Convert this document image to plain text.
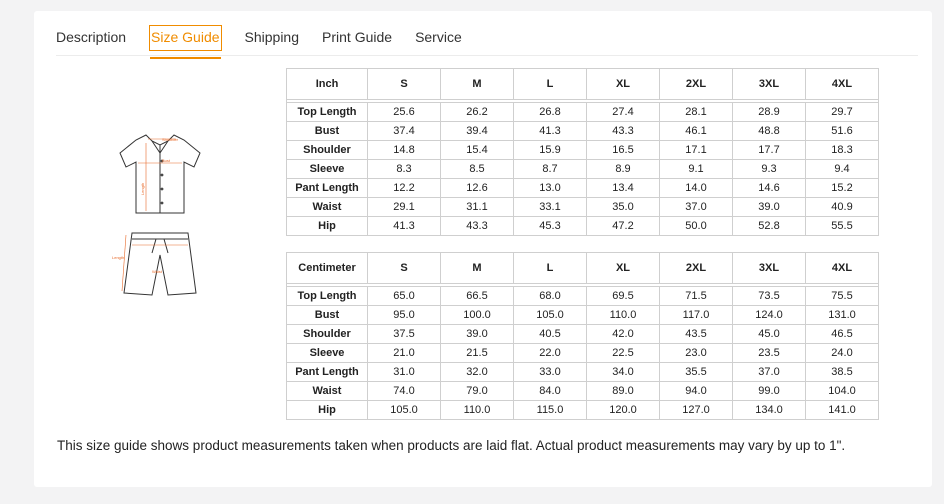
Description Size Guide Shipping Print Guide Service
Shoulder
Bust
Length
Waist
Length
Inch	S	M	L	XL	2XL	3XL	4XL

Top Length	25.6	26.2	26.8	27.4	28.1	28.9	29.7
Bust	37.4	39.4	41.3	43.3	46.1	48.8	51.6
Shoulder	14.8	15.4	15.9	16.5	17.1	17.7	18.3
Sleeve	8.3	8.5	8.7	8.9	9.1	9.3	9.4
Pant Length	12.2	12.6	13.0	13.4	14.0	14.6	15.2
Waist	29.1	31.1	33.1	35.0	37.0	39.0	40.9
Hip	41.3	43.3	45.3	47.2	50.0	52.8	55.5
Centimeter	S	M	L	XL	2XL	3XL	4XL

Top Length	65.0	66.5	68.0	69.5	71.5	73.5	75.5
Bust	95.0	100.0	105.0	110.0	117.0	124.0	131.0
Shoulder	37.5	39.0	40.5	42.0	43.5	45.0	46.5
Sleeve	21.0	21.5	22.0	22.5	23.0	23.5	24.0
Pant Length	31.0	32.0	33.0	34.0	35.5	37.0	38.5
Waist	74.0	79.0	84.0	89.0	94.0	99.0	104.0
Hip	105.0	110.0	115.0	120.0	127.0	134.0	141.0
This size guide shows product measurements taken when products are laid flat. Actual product measurements may vary by up to 1".
